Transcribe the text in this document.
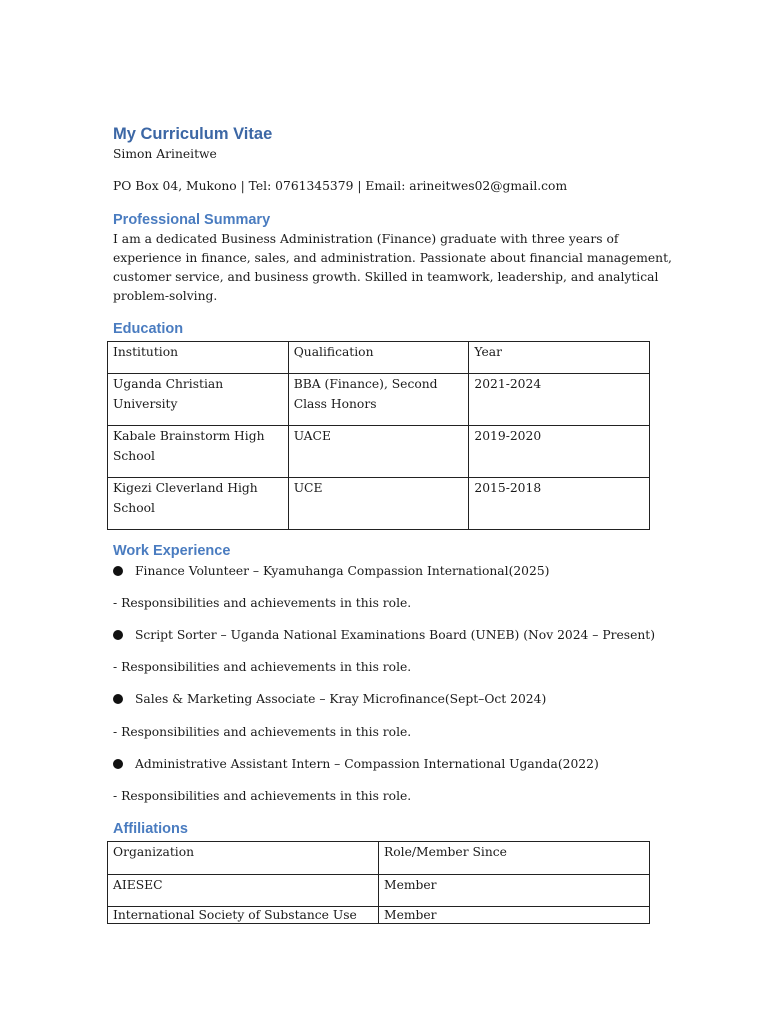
My Curriculum Vitae
Simon Arineitwe
PO Box 04, Mukono | Tel: 0761345379 | Email: arineitwes02@gmail.com
Professional Summary
I am a dedicated Business Administration (Finance) graduate with three years of
experience in finance, sales, and administration. Passionate about financial management,
customer service, and business growth. Skilled in teamwork, leadership, and analytical
problem-solving.
Education
Institution	Qualification	Year
Uganda Christian University	BBA (Finance), Second Class Honors	2021-2024
Kabale Brainstorm High School	UACE	2019-2020
Kigezi Cleverland High School	UCE	2015-2018
Work Experience
Finance Volunteer – Kyamuhanga Compassion International(2025)
- Responsibilities and achievements in this role.
Script Sorter – Uganda National Examinations Board (UNEB) (Nov 2024 – Present)
- Responsibilities and achievements in this role.
Sales & Marketing Associate – Kray Microfinance(Sept–Oct 2024)
- Responsibilities and achievements in this role.
Administrative Assistant Intern – Compassion International Uganda(2022)
- Responsibilities and achievements in this role.
Affiliations
Organization	Role/Member Since
AIESEC	Member
International Society of Substance Use	Member
